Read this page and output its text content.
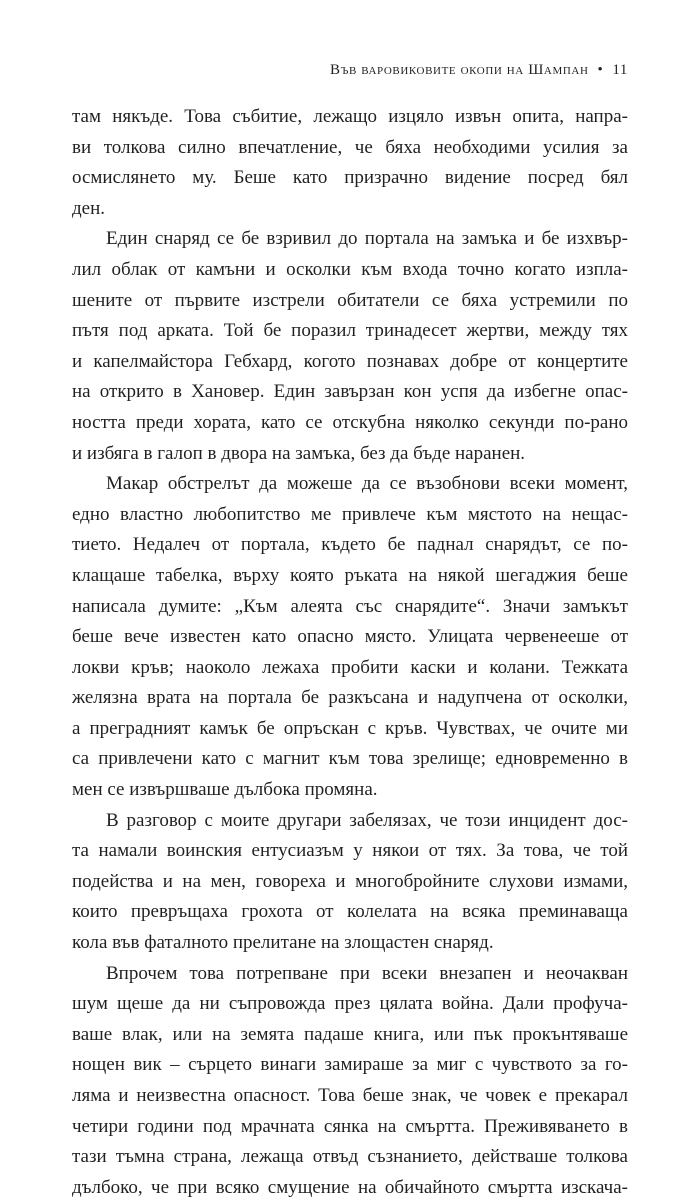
Във варовиковите окопи на Шампан • 11

там някъде. Това събитие, лежащо изцяло извън опита, напра-
ви толкова силно впечатление, че бяха необходими усилия за
осмислянето му. Беше като призрачно видение посред бял
ден.

Един снаряд се бе взривил до портала на замъка и бе изхвър-
лил облак от камъни и осколки към входа точно когато изпла-
шените от първите изстрели обитатели се бяха устремили по
пътя под арката. Той бе поразил тринадесет жертви, между тях
и капелмайстора Гебхард, когото познавах добре от концертите
на открито в Хановер. Един завързан кон успя да избегне опас-
ността преди хората, като се отскубна няколко секунди по-рано
и избяга в галоп в двора на замъка, без да бъде наранен.

Макар обстрелът да можеше да се възобнови всеки момент,
едно властно любопитство ме привлече към мястото на нещас-
тието. Недалеч от портала, където бе паднал снарядът, се по-
клащаше табелка, върху която ръката на някой шегаджия беше
написала думите: „Към алеята със снарядите“. Значи замъкът
беше вече известен като опасно място. Улицата червенееше от
локви кръв; наоколо лежаха пробити каски и колани. Тежката
желязна врата на портала бе разкъсана и надупчена от осколки,
а преградният камък бе опръскан с кръв. Чувствах, че очите ми
са привлечени като с магнит към това зрелище; едновременно в
мен се извършваше дълбока промяна.

В разговор с моите другари забелязах, че този инцидент дос-
та намали воинския ентусиазъм у някои от тях. За това, че той
подейства и на мен, говореха и многобройните слухови измами,
които превръщаха грохота от колелата на всяка преминаваща
кола във фаталното прелитане на злощастен снаряд.

Впрочем това потрепване при всеки внезапен и неочакван
шум щеше да ни съпровожда през цялата война. Дали профуча-
ваше влак, или на земята падаше книга, или пък прокънтяваше
нощен вик – сърцето винаги замираше за миг с чувството за го-
ляма и неизвестна опасност. Това беше знак, че човек е прекарал
четири години под мрачната сянка на смъртта. Преживяването в
тази тъмна страна, лежаща отвъд съзнанието, действаше толкова
дълбоко, че при всяко смущение на обичайното смъртта изскача-
